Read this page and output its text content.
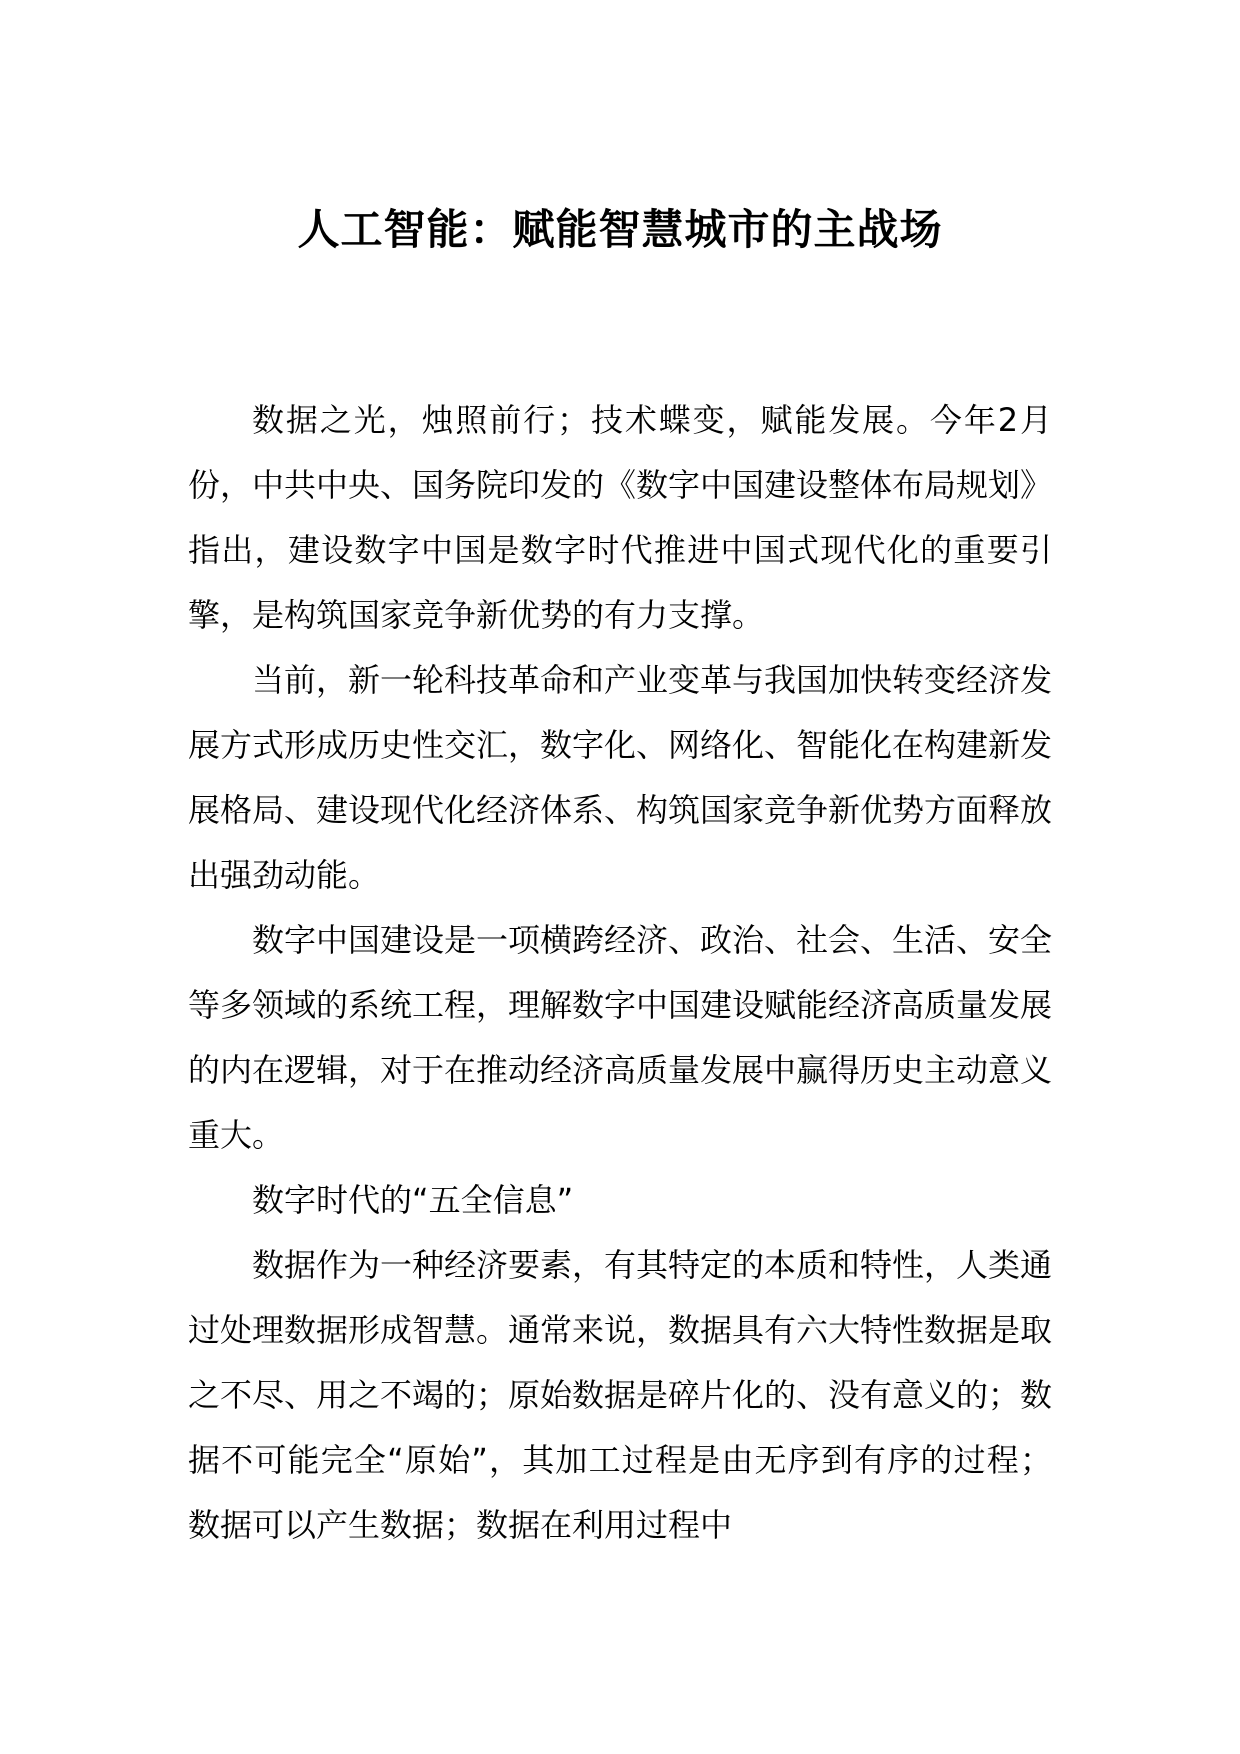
人工智能：赋能智慧城市的主战场

数据之光，烛照前行；技术蝶变，赋能发展。今年2月份，中共中央、国务院印发的《数字中国建设整体布局规划》指出，建设数字中国是数字时代推进中国式现代化的重要引擎，是构筑国家竞争新优势的有力支撑。

当前，新一轮科技革命和产业变革与我国加快转变经济发展方式形成历史性交汇，数字化、网络化、智能化在构建新发展格局、建设现代化经济体系、构筑国家竞争新优势方面释放出强劲动能。

数字中国建设是一项横跨经济、政治、社会、生活、安全等多领域的系统工程，理解数字中国建设赋能经济高质量发展的内在逻辑，对于在推动经济高质量发展中赢得历史主动意义重大。

数字时代的“五全信息”

数据作为一种经济要素，有其特定的本质和特性，人类通过处理数据形成智慧。通常来说，数据具有六大特性数据是取之不尽、用之不竭的；原始数据是碎片化的、没有意义的；数据不可能完全“原始”，其加工过程是由无序到有序的过程；数据可以产生数据；数据在利用过程中
